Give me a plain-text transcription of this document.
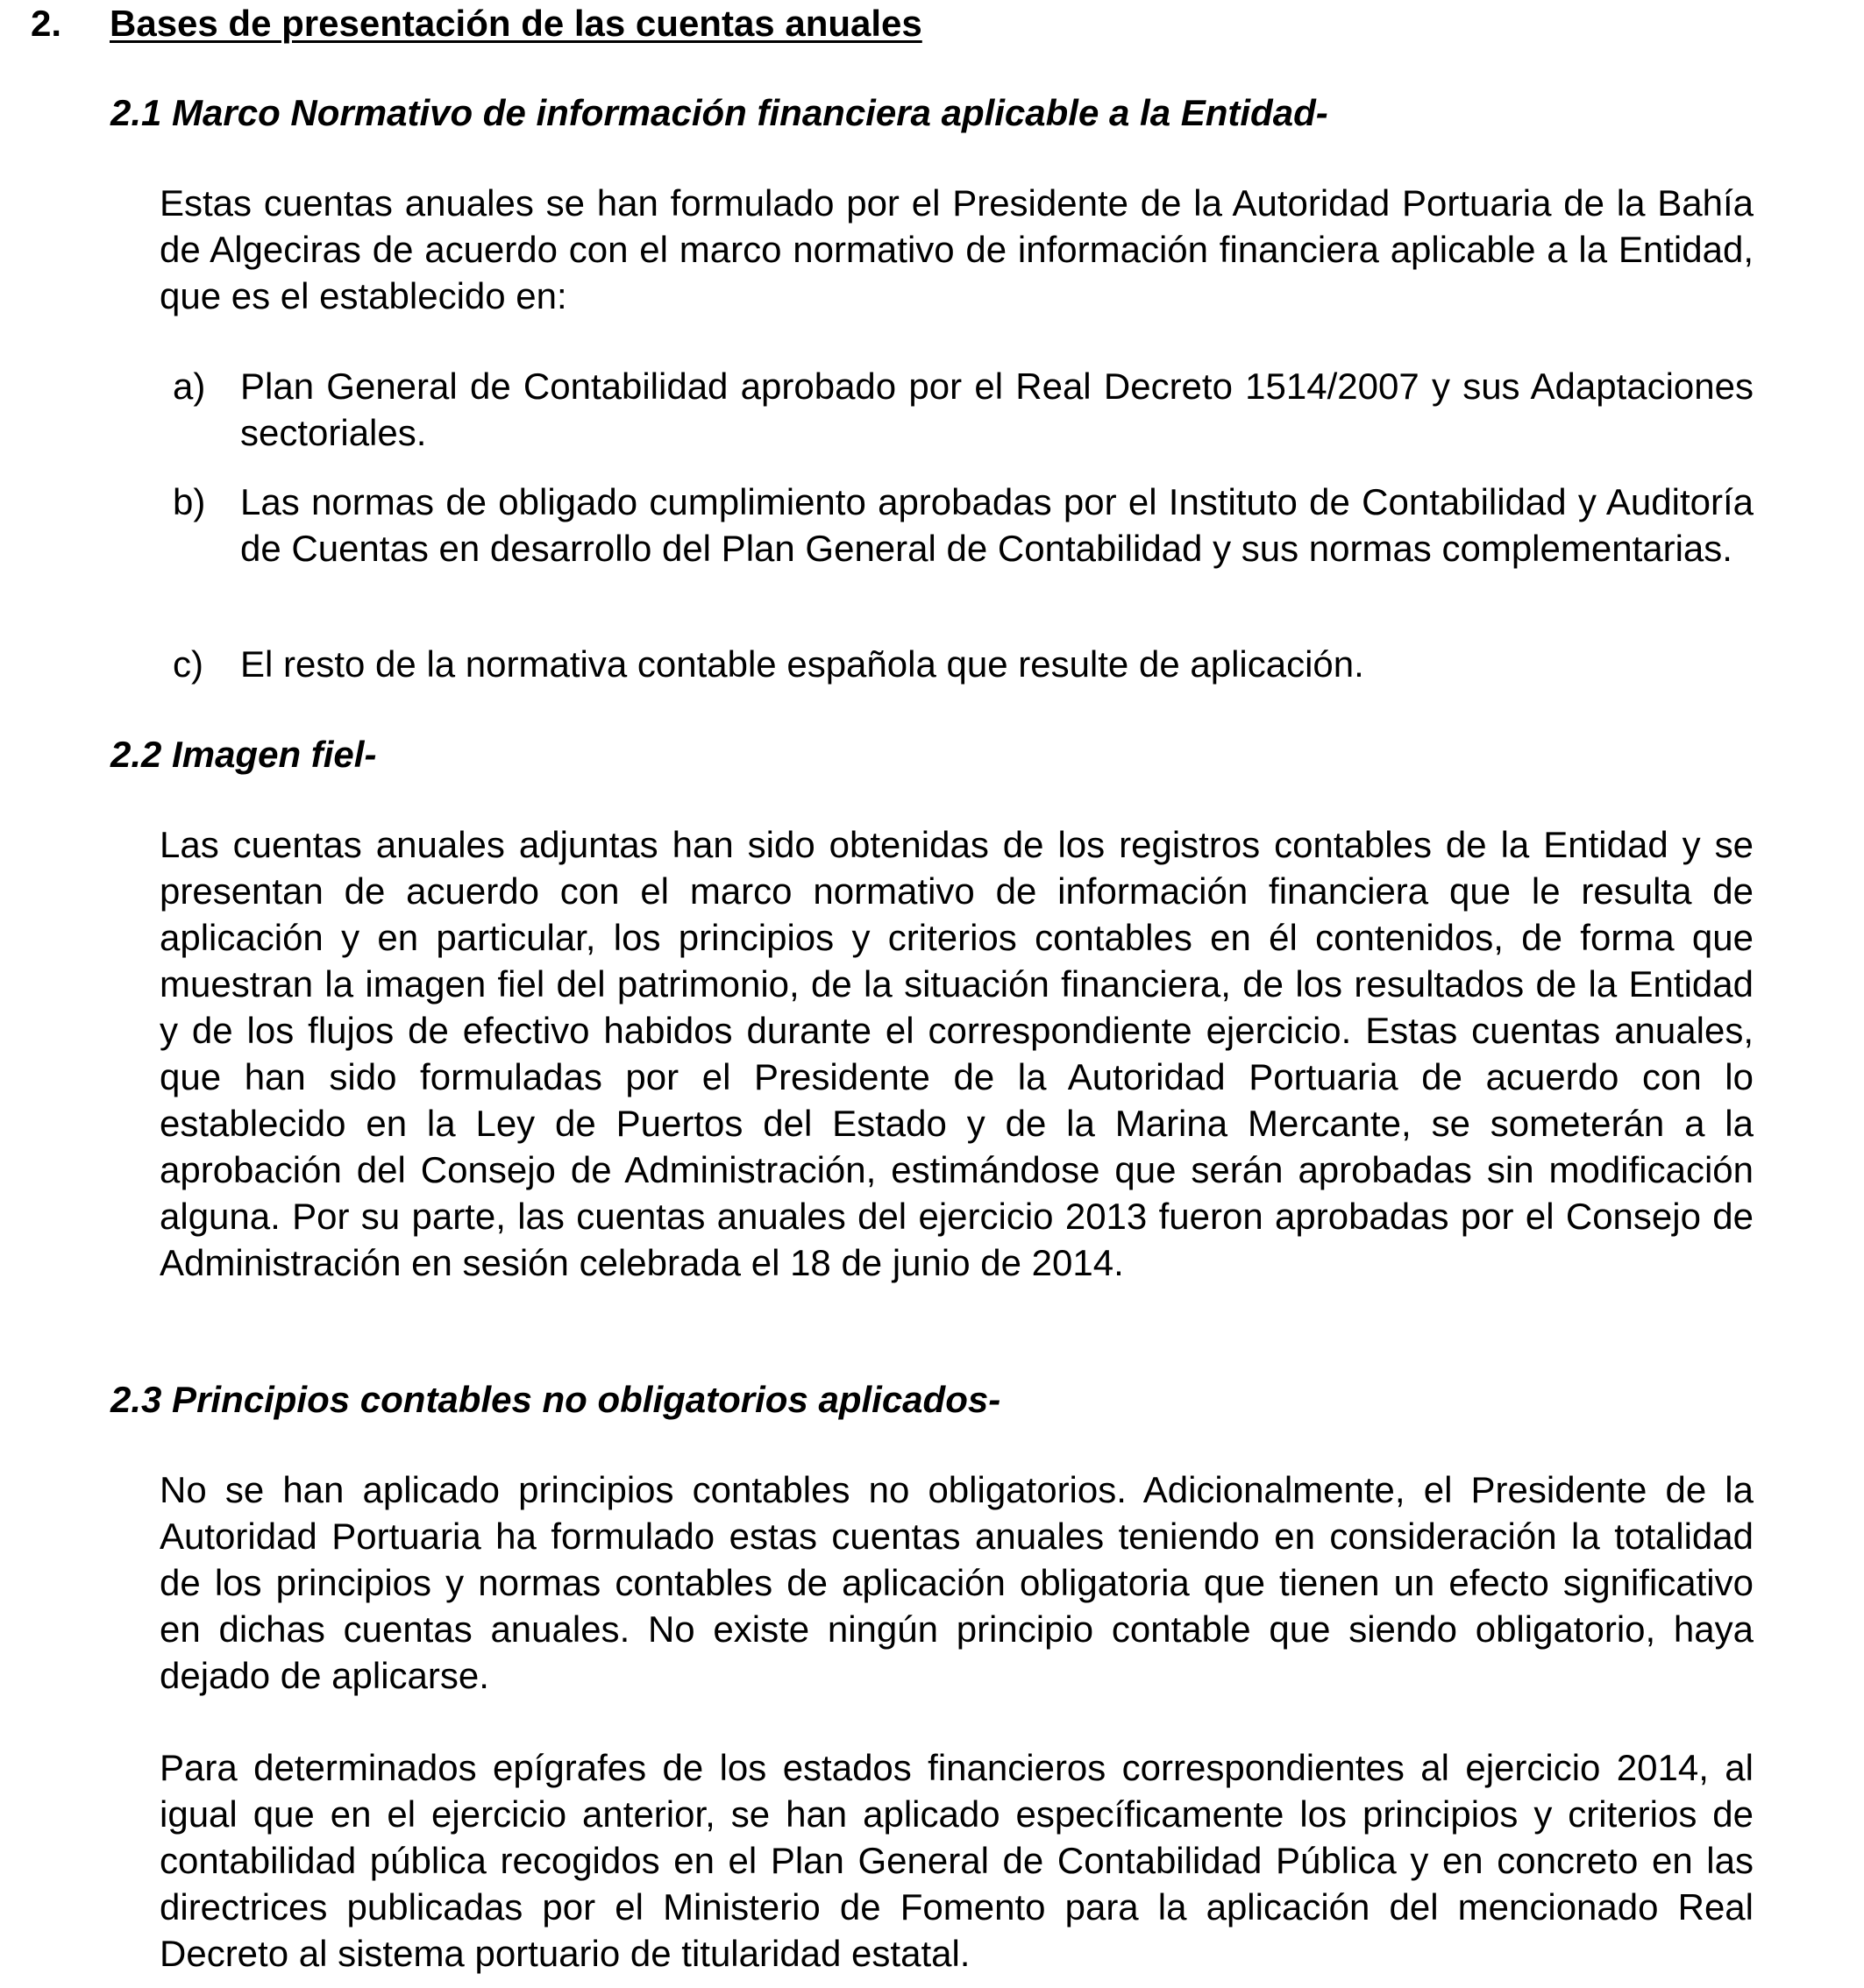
2. Bases de presentación de las cuentas anuales
2.1 Marco Normativo de información financiera aplicable a la Entidad-

Estas cuentas anuales se han formulado por el Presidente de la Autoridad Portuaria de la Bahía de Algeciras de acuerdo con el marco normativo de información financiera aplicable a la Entidad, que es el establecido en:

a) Plan General de Contabilidad aprobado por el Real Decreto 1514/2007 y sus Adaptaciones sectoriales.
b) Las normas de obligado cumplimiento aprobadas por el Instituto de Contabilidad y Auditoría de Cuentas en desarrollo del Plan General de Contabilidad y sus normas complementarias.
c)	El resto de la normativa contable española que resulte de aplicación.
2.2 Imagen fiel-

Las cuentas anuales adjuntas han sido obtenidas de los registros contables de la Entidad y se presentan de acuerdo con el marco normativo de información financiera que le resulta de aplicación y en particular, los principios y criterios contables en él contenidos, de forma que muestran la imagen fiel del patrimonio, de la situación financiera, de los resultados de la Entidad y de los flujos de efectivo habidos durante el correspondiente ejercicio. Estas cuentas anuales, que han sido formuladas por el Presidente de la Autoridad Portuaria de acuerdo con lo establecido en la Ley de Puertos del Estado y de la Marina Mercante, se someterán a la aprobación del Consejo de Administración, estimándose que serán aprobadas sin modificación alguna. Por su parte, las cuentas anuales del ejercicio 2013 fueron aprobadas por el Consejo de Administración en sesión celebrada el 18 de junio de 2014.

2.3 Principios contables no obligatorios aplicados-

No se han aplicado principios contables no obligatorios. Adicionalmente, el Presidente de la Autoridad Portuaria ha formulado estas cuentas anuales teniendo en consideración la totalidad de los principios y normas contables de aplicación obligatoria que tienen un efecto significativo en dichas cuentas anuales. No existe ningún principio contable que siendo obligatorio, haya dejado de aplicarse.

Para determinados epígrafes de los estados financieros correspondientes al ejercicio 2014, al igual que en el ejercicio anterior, se han aplicado específicamente los principios y criterios de contabilidad pública recogidos en el Plan General de Contabilidad Pública y en concreto en las directrices publicadas por el Ministerio de Fomento para la aplicación del mencionado Real Decreto al sistema portuario de titularidad estatal.
